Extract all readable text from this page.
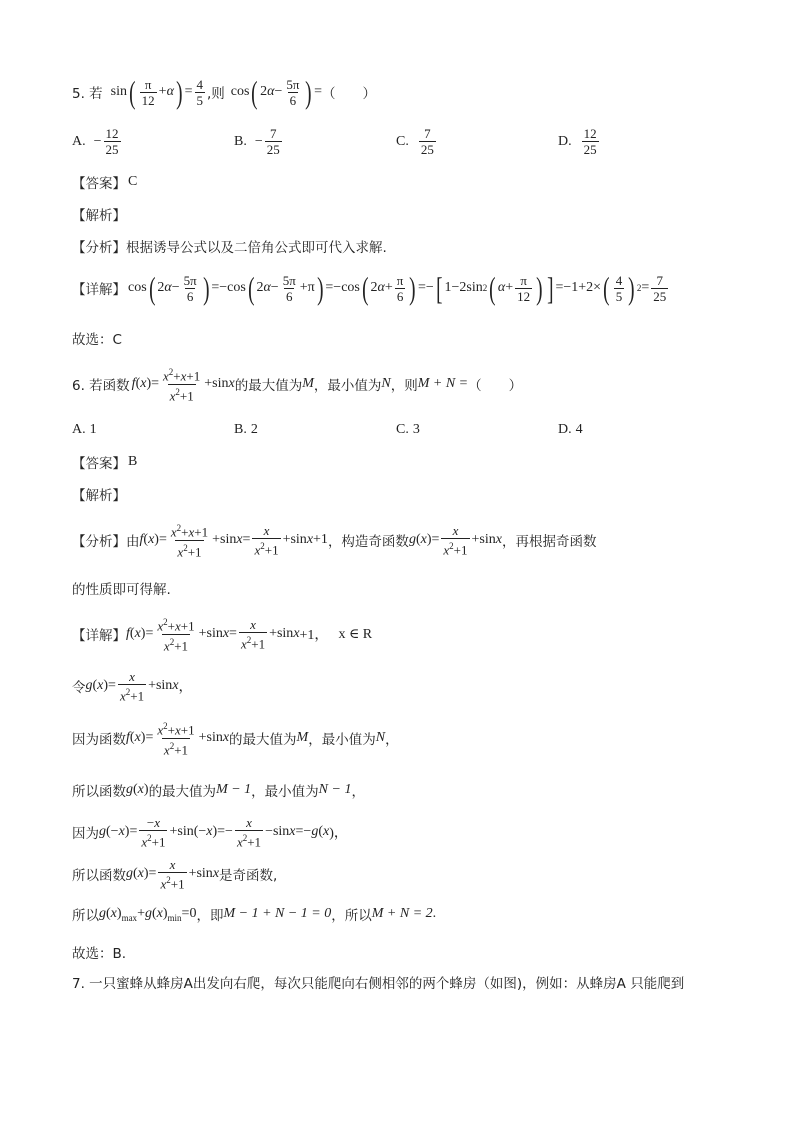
5. 若 sin ( $\frac{\pi}{12} + \alpha$ ) = $\frac{4}{5}$ ,则 cos ( 2 $\alpha - \frac{5\pi}{6}$ ) = （　　）
A. − $\frac{12}{25}$	B. − $\frac{7}{25}$	C. $\frac{7}{25}$	D. $\frac{12}{25}$
【答案】 C
【解析】
【分析】 根据诱导公式以及二倍角公式即可代入求解.
【详解】 cos ( 2 $\alpha - \frac{5\pi}{6}$ ) =−cos ( 2 $\alpha - \frac{5\pi}{6} +\pi$ ) =−cos ( 2 $\alpha + \frac{\pi}{6}$ ) =− [ 1−2sin 2 ( $\alpha + \frac{\pi}{12}$ ) ] =−1+2× ( $\frac{4}{5}$ ) $2 = \frac{7}{25}$
故选：C
6. 若函数 f ( x )= $\frac{x^2+x+1}{x^2+1} +\sin$ x 的最大值为 M ，最小值为 N ，则 M + N = （　　）
A. 1	B. 2	C. 3	D. 4
【答案】 B
【解析】
【分析】 由 f ( x )= $\frac{x^2+x+1}{x^2+1} +\sin$ $x = \frac{x}{x^2+1} +\sin$ x +1 ，构造奇函数 g ( x )= $\frac{x}{x^2+1} +\sin$ x ，再根据奇函数
的性质即可得解.
【详解】 f ( x )= $\frac{x^2+x+1}{x^2+1} +\sin$ $x = \frac{x}{x^2+1} +\sin$ x +1， x ∈ R
令 g ( x )= $\frac{x}{x^2+1} +\sin$ x ，
因为函数 f ( x )= $\frac{x^2+x+1}{x^2+1} +\sin$ x 的最大值为 M ，最小值为 N ，
所以函数 g(x) 的最大值为 M − 1 ，最小值为 N − 1 ，
因为 g (− x )= $\frac{-x}{x^2+1} +\sin(- x$ )=− $\frac{x}{x^2+1} -\sin$ x =− g ( x )，
所以函数 g ( x )= $\frac{x}{x^2+1} +\sin$ x 是奇函数,
所以 $g(x)_{max}+g(x)_{min}=0$ ，即 M − 1 + N − 1 = 0 ，所以 M + N = 2 .
故选：B.
7. 一只蜜蜂从蜂房A出发向右爬，每次只能爬向右侧相邻的两个蜂房（如图)，例如：从蜂房A 只能爬到
